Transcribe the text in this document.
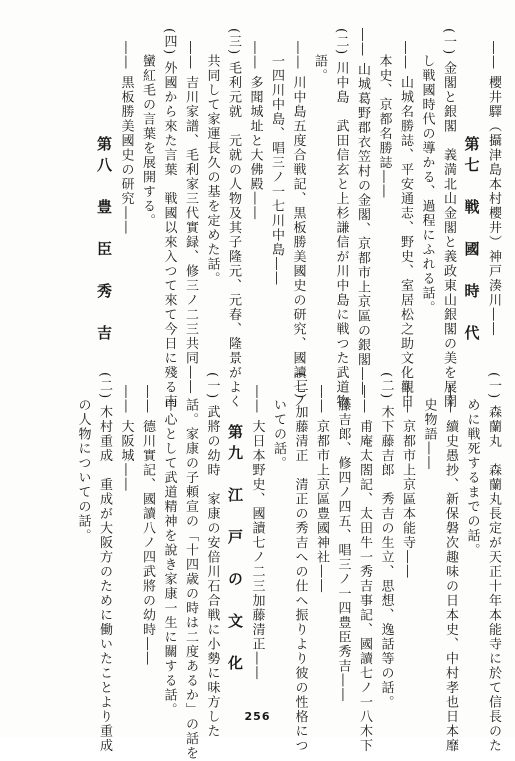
―― 櫻井驛（攝津島本村櫻井）神戸湊川――
第七　戦　國　時　代
(一) 金閣と銀閣　義満北山金閣と義政東山銀閣の美を展開
し戦國時代の導かる、過程にふれる話。
―― 山城名勝誌、平安通志、野史、室居松之助文化觀日
本史、京都名勝誌――
―― 山城葛野郡衣笠村の金閣、京都市上京區の銀閣――
(二) 川中島　武田信玄と上杉謙信が川中島に戦つた武道物
語。
―― 川中島五度合戦記、黒板勝美國史の研究、國讀七ノ
一四川中島、唱三ノ一七川中島――
―― 多聞城址と大佛殿――
(三) 毛利元就　元就の人物及其子隆元、元春、隆景がよく
共同して家運長久の基を定めた話。
―― 吉川家譜、毛利家三代實録、修三ノ二三共同――
(四) 外國から來た言葉　戦國以來入つて來て今日に殘る南
蠻紅毛の言葉を展開する。
―― 黒板勝美國史の研究――
第八　豊　臣　秀　吉
(一) 森蘭丸　森蘭丸長定が天正十年本能寺に於て信長のた
めに戦死するまでの話。
―― 續史愚抄、新保磐次趣味の日本史、中村孝也日本靡
史物語――
―― 京都市上京區本能寺――
(二) 木下藤吉郎　秀吉の生立、思想、逸話等の話。
―― 甫庵太閤記、太田牛一秀吉事記、國讀七ノ一八木下
藤吉郎、修四ノ四五、唱三ノ一四豊臣秀吉――
―― 京都市上京區豊國神社――
(三) 加藤清正　清正の秀吉への仕へ振りより彼の性格につ
いての話。
―― 大日本野史、國讀七ノ二三加藤清正――
第九　江　戸　の　文　化
(一) 武將の幼時　家康の安倍川石合戦に小勢に味方した
話。家康の子頼宣の「十四歳の時は二度あるか」の話を
中心として武道精神を說き家康一生に關する話。
―― 德川實記、國讀八ノ四武將の幼時――
―― 大阪城――
(二) 木村重成　重成が大阪方のために働いたことより重成
の人物についての話。
256
